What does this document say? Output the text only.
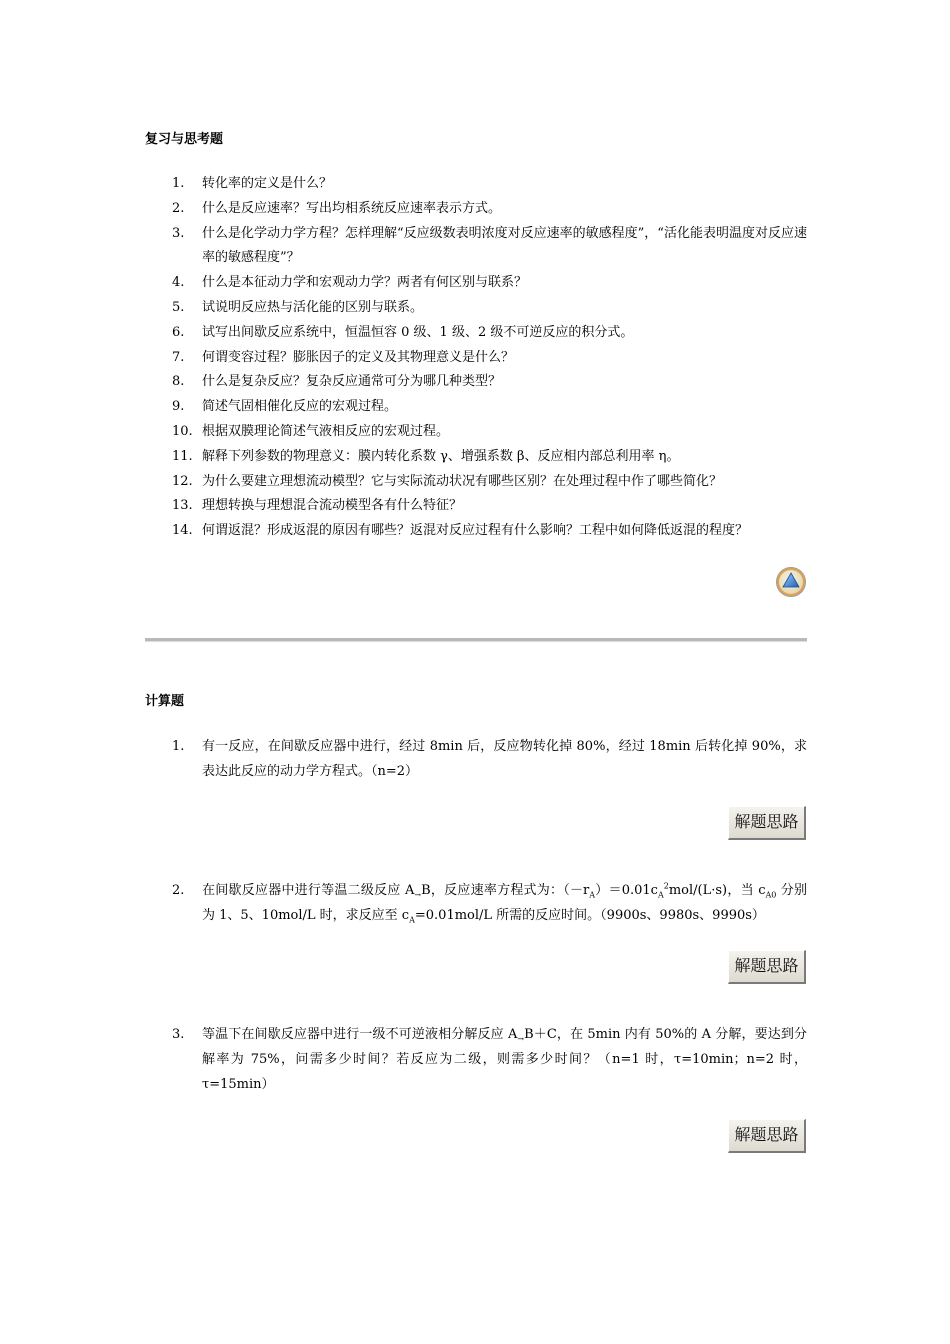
复习与思考题
1.	转化率的定义是什么？
2.	什么是反应速率？写出均相系统反应速率表示方式。
3.	什么是化学动力学方程？怎样理解“反应级数表明浓度对反应速率的敏感程度”，“活化能表明温度对反应速率的敏感程度”？
4.	什么是本征动力学和宏观动力学？两者有何区别与联系？
5.	试说明反应热与活化能的区别与联系。
6.	试写出间歇反应系统中，恒温恒容 0 级、1 级、2 级不可逆反应的积分式。
7.	何谓变容过程？膨胀因子的定义及其物理意义是什么？
8.	什么是复杂反应？复杂反应通常可分为哪几种类型？
9.	简述气固相催化反应的宏观过程。
10. 根据双膜理论简述气液相反应的宏观过程。
11. 解释下列参数的物理意义：膜内转化系数 γ、增强系数 β、反应相内部总利用率 η。
12. 为什么要建立理想流动模型？它与实际流动状况有哪些区别？在处理过程中作了哪些简化？
13. 理想转换与理想混合流动模型各有什么特征？
14. 何谓返混？形成返混的原因有哪些？返混对反应过程有什么影响？工程中如何降低返混的程度？
计算题
1. 有一反应，在间歇反应器中进行，经过 8min 后，反应物转化掉 80%，经过 18min 后转化掉 90%，求表达此反应的动力学方程式。（n=2）
解题思路
2. 在间歇反应器中进行等温二级反应 $A_\to B$，反应速率方程式为：$(-r_A)=0.01c_A^2mol/(L\cdot s)$，当 $c_{A0}$ 分别为 1、5、10mol/L 时，求反应至 $c_A=0.01mol/L$ 所需的反应时间。（9900s、9980s、9990s）
解题思路
3. 等温下在间歇反应器中进行一级不可逆液相分解反应 $A_\to B+C$，在 5min 内有 50%的 A 分解，要达到分解率为 75%，问需多少时间？若反应为二级，则需多少时间？（n=1 时，τ=10min；n=2 时，τ=15min）
解题思路
